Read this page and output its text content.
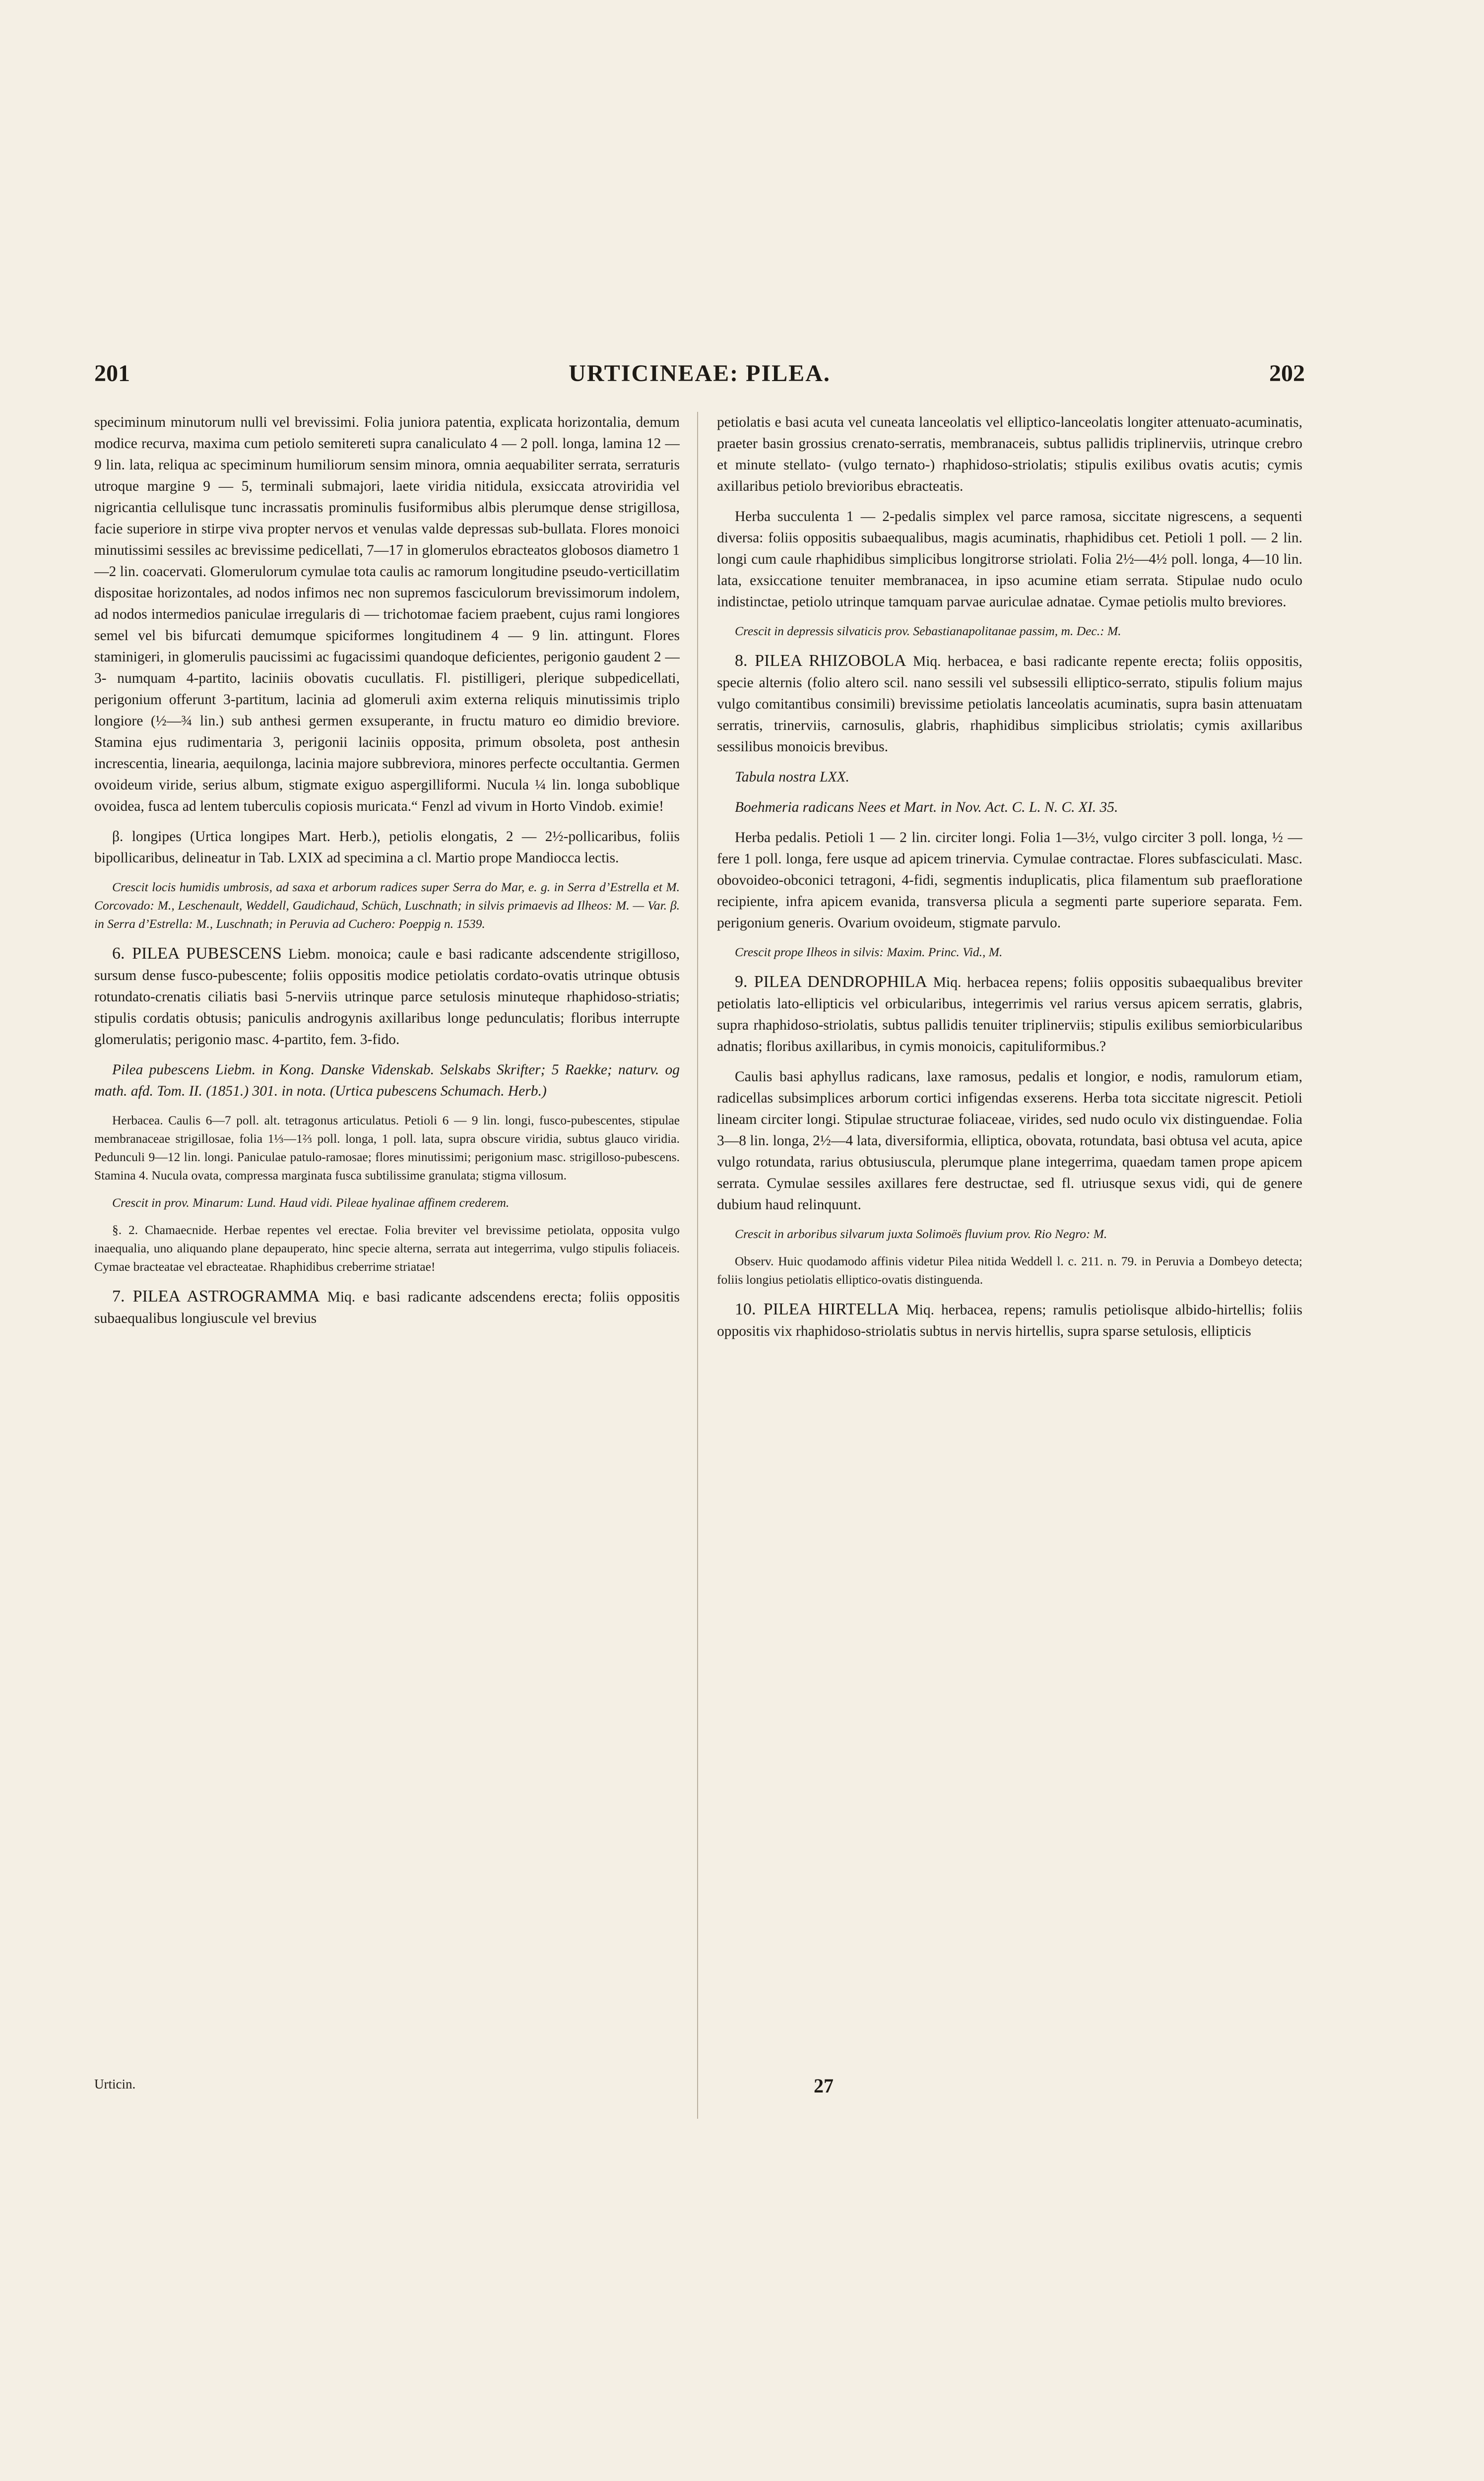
201	URTICINEAE: PILEA.	202

speciminum minutorum nulli vel brevissimi. Folia juniora patentia, explicata horizontalia, demum modice recurva, maxima cum petiolo semitereti supra canaliculato 4 — 2 poll. longa, lamina 12 — 9 lin. lata, reliqua ac speciminum humiliorum sensim minora, omnia aequabiliter serrata, serraturis utroque margine 9 — 5, terminali submajori, laete viridia nitidula, exsiccata atroviridia vel nigricantia cellulisque tunc incrassatis prominulis fusiformibus albis plerumque dense strigillosa, facie superiore in stirpe viva propter nervos et venulas valde depressas sub-bullata. Flores monoici minutissimi sessiles ac brevissime pedicellati, 7—17 in glomerulos ebracteatos globosos diametro 1—2 lin. coacervati. Glomerulorum cymulae tota caulis ac ramorum longitudine pseudo-verticillatim dispositae horizontales, ad nodos infimos nec non supremos fasciculorum brevissimorum indolem, ad nodos intermedios paniculae irregularis di — trichotomae faciem praebent, cujus rami longiores semel vel bis bifurcati demumque spiciformes longitudinem 4 — 9 lin. attingunt. Flores staminigeri, in glomerulis paucissimi ac fugacissimi quandoque deficientes, perigonio gaudent 2 — 3- numquam 4-partito, laciniis obovatis cucullatis. Fl. pistilligeri, plerique subpedicellati, perigonium offerunt 3-partitum, lacinia ad glomeruli axim externa reliquis minutissimis triplo longiore (½—¾ lin.) sub anthesi germen exsuperante, in fructu maturo eo dimidio breviore. Stamina ejus rudimentaria 3, perigonii laciniis opposita, primum obsoleta, post anthesin increscentia, linearia, aequilonga, lacinia majore subbreviora, minores perfecte occultantia. Germen ovoideum viride, serius album, stigmate exiguo aspergilliformi. Nucula ¼ lin. longa suboblique ovoidea, fusca ad lentem tuberculis copiosis muricata.“ Fenzl ad vivum in Horto Vindob. eximie!

β. longipes (Urtica longipes Mart. Herb.), petiolis elongatis, 2 — 2½-pollicaribus, foliis bipollicaribus, delineatur in Tab. LXIX ad specimina a cl. Martio prope Mandiocca lectis.

Crescit locis humidis umbrosis, ad saxa et arborum radices super Serra do Mar, e. g. in Serra d’Estrella et M. Corcovado: M., Leschenault, Weddell, Gaudichaud, Schüch, Luschnath; in silvis primaevis ad Ilheos: M. — Var. β. in Serra d’Estrella: M., Luschnath; in Peruvia ad Cuchero: Poeppig n. 1539.

6. PILEA PUBESCENS Liebm. monoica; caule e basi radicante adscendente strigilloso, sursum dense fusco-pubescente; foliis oppositis modice petiolatis cordato-ovatis utrinque obtusis rotundato-crenatis ciliatis basi 5-nerviis utrinque parce setulosis minuteque rhaphidoso-striatis; stipulis cordatis obtusis; paniculis androgynis axillaribus longe pedunculatis; floribus interrupte glomerulatis; perigonio masc. 4-partito, fem. 3-fido.

Pilea pubescens Liebm. in Kong. Danske Videnskab. Selskabs Skrifter; 5 Raekke; naturv. og math. afd. Tom. II. (1851.) 301. in nota. (Urtica pubescens Schumach. Herb.)

Herbacea. Caulis 6—7 poll. alt. tetragonus articulatus. Petioli 6 — 9 lin. longi, fusco-pubescentes, stipulae membranaceae strigillosae, folia 1⅓—1⅔ poll. longa, 1 poll. lata, supra obscure viridia, subtus glauco viridia. Pedunculi 9—12 lin. longi. Paniculae patulo-ramosae; flores minutissimi; perigonium masc. strigilloso-pubescens. Stamina 4. Nucula ovata, compressa marginata fusca subtilissime granulata; stigma villosum.

Crescit in prov. Minarum: Lund. Haud vidi. Pileae hyalinae affinem crederem.

§. 2. Chamaecnide. Herbae repentes vel erectae. Folia breviter vel brevissime petiolata, opposita vulgo inaequalia, uno aliquando plane depauperato, hinc specie alterna, serrata aut integerrima, vulgo stipulis foliaceis. Cymae bracteatae vel ebracteatae. Rhaphidibus creberrime striatae!

7. PILEA ASTROGRAMMA Miq. e basi radicante adscendens erecta; foliis oppositis subaequalibus longiuscule vel brevius

petiolatis e basi acuta vel cuneata lanceolatis vel elliptico-lanceolatis longiter attenuato-acuminatis, praeter basin grossius crenato-serratis, membranaceis, subtus pallidis triplinerviis, utrinque crebro et minute stellato- (vulgo ternato-) rhaphidoso-striolatis; stipulis exilibus ovatis acutis; cymis axillaribus petiolo brevioribus ebracteatis.

Herba succulenta 1 — 2-pedalis simplex vel parce ramosa, siccitate nigrescens, a sequenti diversa: foliis oppositis subaequalibus, magis acuminatis, rhaphidibus cet. Petioli 1 poll. — 2 lin. longi cum caule rhaphidibus simplicibus longitrorse striolati. Folia 2½—4½ poll. longa, 4—10 lin. lata, exsiccatione tenuiter membranacea, in ipso acumine etiam serrata. Stipulae nudo oculo indistinctae, petiolo utrinque tamquam parvae auriculae adnatae. Cymae petiolis multo breviores.

Crescit in depressis silvaticis prov. Sebastianapolitanae passim, m. Dec.: M.

8. PILEA RHIZOBOLA Miq. herbacea, e basi radicante repente erecta; foliis oppositis, specie alternis (folio altero scil. nano sessili vel subsessili elliptico-serrato, stipulis folium majus vulgo comitantibus consimili) brevissime petiolatis lanceolatis acuminatis, supra basin attenuatam serratis, trinerviis, carnosulis, glabris, rhaphidibus simplicibus striolatis; cymis axillaribus sessilibus monoicis brevibus.

Tabula nostra LXX.

Boehmeria radicans Nees et Mart. in Nov. Act. C. L. N. C. XI. 35.

Herba pedalis. Petioli 1 — 2 lin. circiter longi. Folia 1—3½, vulgo circiter 3 poll. longa, ½ — fere 1 poll. longa, fere usque ad apicem trinervia. Cymulae contractae. Flores subfasciculati. Masc. obovoideo-obconici tetragoni, 4-fidi, segmentis induplicatis, plica filamentum sub praefloratione recipiente, infra apicem evanida, transversa plicula a segmenti parte superiore separata. Fem. perigonium generis. Ovarium ovoideum, stigmate parvulo.

Crescit prope Ilheos in silvis: Maxim. Princ. Vid., M.

9. PILEA DENDROPHILA Miq. herbacea repens; foliis oppositis subaequalibus breviter petiolatis lato-ellipticis vel orbicularibus, integerrimis vel rarius versus apicem serratis, glabris, supra rhaphidoso-striolatis, subtus pallidis tenuiter triplinerviis; stipulis exilibus semiorbicularibus adnatis; floribus axillaribus, in cymis monoicis, capituliformibus.?

Caulis basi aphyllus radicans, laxe ramosus, pedalis et longior, e nodis, ramulorum etiam, radicellas subsimplices arborum cortici infigendas exserens. Herba tota siccitate nigrescit. Petioli lineam circiter longi. Stipulae structurae foliaceae, virides, sed nudo oculo vix distinguendae. Folia 3—8 lin. longa, 2½—4 lata, diversiformia, elliptica, obovata, rotundata, basi obtusa vel acuta, apice vulgo rotundata, rarius obtusiuscula, plerumque plane integerrima, quaedam tamen prope apicem serrata. Cymulae sessiles axillares fere destructae, sed fl. utriusque sexus vidi, qui de genere dubium haud relinquunt.

Crescit in arboribus silvarum juxta Solimoës fluvium prov. Rio Negro: M.

Observ. Huic quodamodo affinis videtur Pilea nitida Weddell l. c. 211. n. 79. in Peruvia a Dombeyo detecta; foliis longius petiolatis elliptico-ovatis distinguenda.

10. PILEA HIRTELLA Miq. herbacea, repens; ramulis petiolisque albido-hirtellis; foliis oppositis vix rhaphidoso-striolatis subtus in nervis hirtellis, supra sparse setulosis, ellipticis

Urticin.	27
